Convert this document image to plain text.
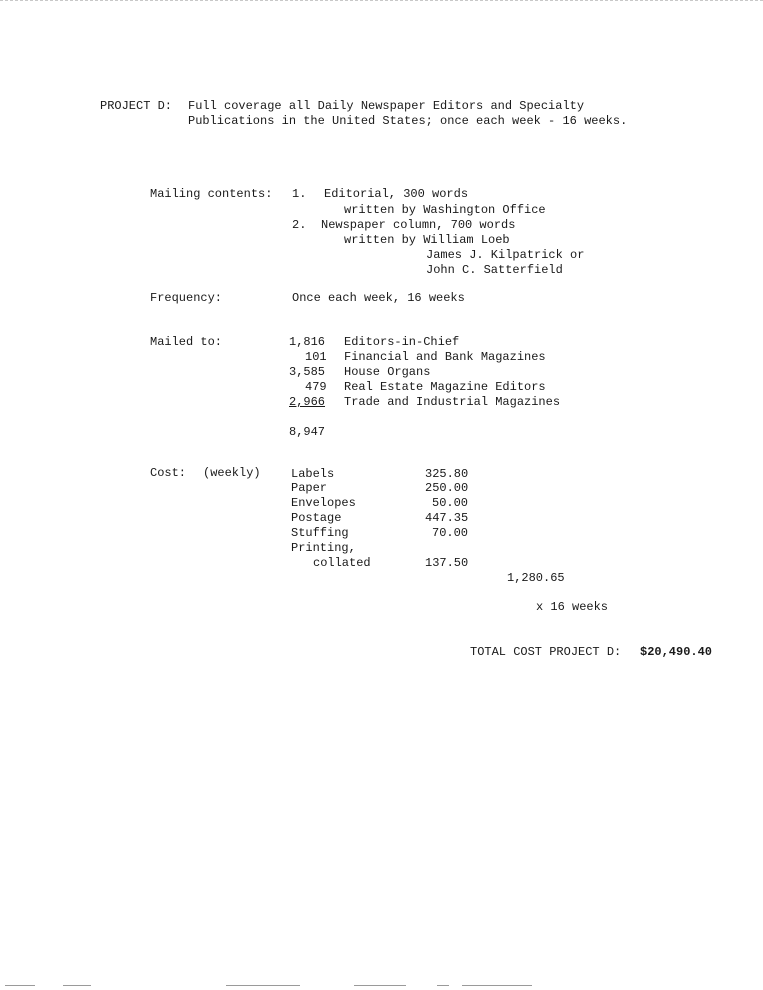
PROJECT D: Full coverage all Daily Newspaper Editors and Specialty
Publications in the United States; once each week - 16 weeks.
Mailing contents: 1. Editorial, 300 words
written by Washington Office
2. Newspaper column, 700 words
written by William Loeb
James J. Kilpatrick or
John C. Satterfield
Frequency:	Once each week, 16 weeks
Mailed to:	1,816 Editors-in-Chief
101 Financial and Bank Magazines
3,585 House Organs
479 Real Estate Magazine Editors
2,966 Trade and Industrial Magazines
8,947
Cost: (weekly)	Labels	325.80
Paper	250.00
Envelopes	50.00
Postage	447.35
Stuffing	70.00
Printing,
collated	137.50
1,280.65
x 16 weeks
TOTAL COST PROJECT D: $20,490.40
